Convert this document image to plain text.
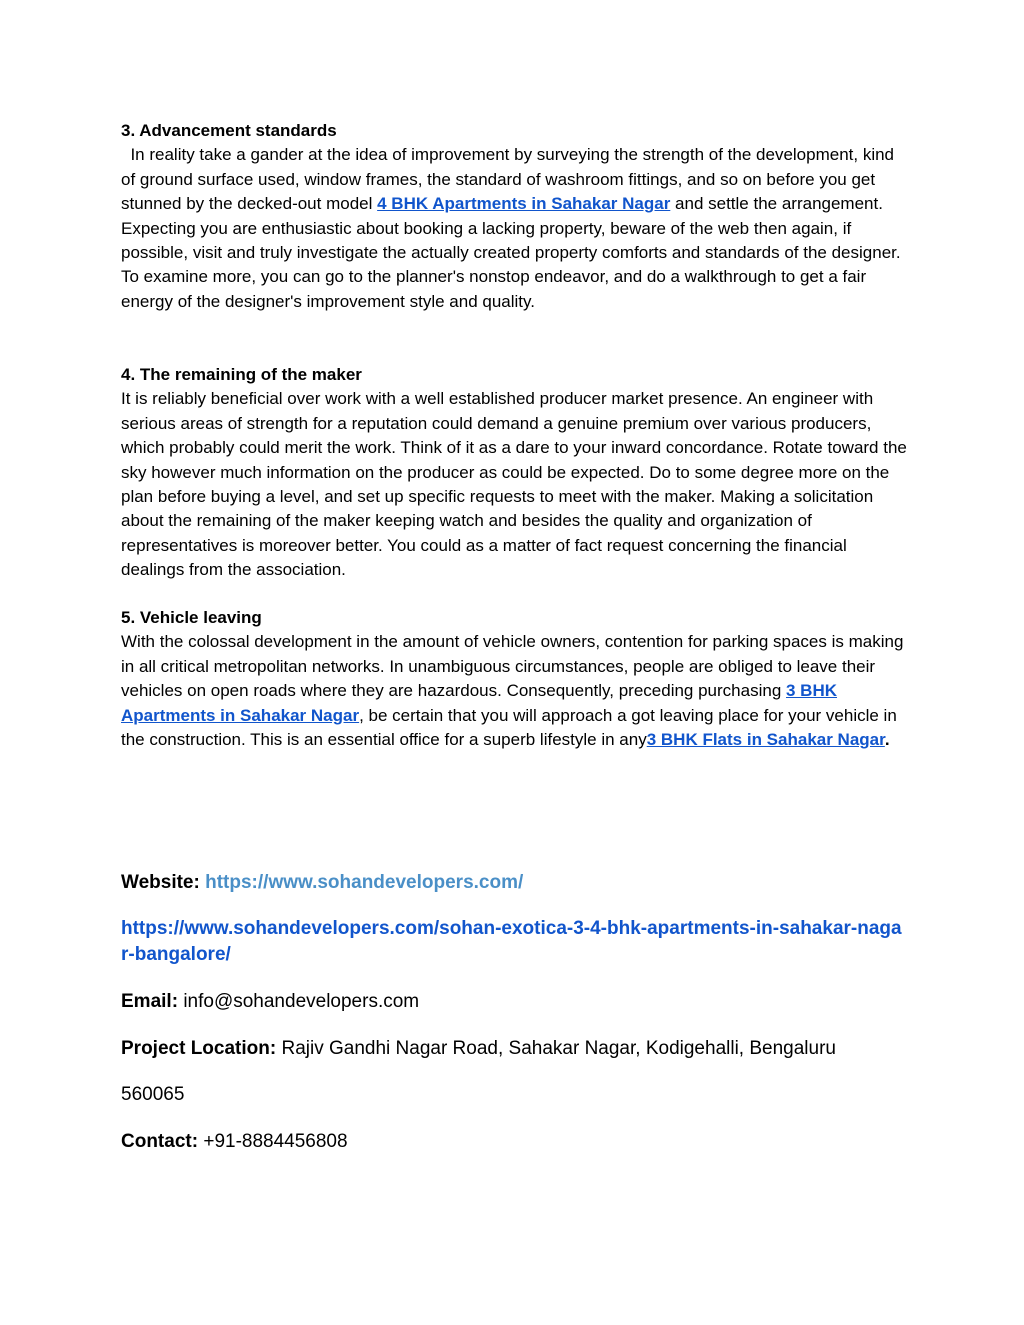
3. Advancement standards
In reality take a gander at the idea of improvement by surveying the strength of the development, kind of ground surface used, window frames, the standard of washroom fittings, and so on before you get stunned by the decked-out model 4 BHK Apartments in Sahakar Nagar and settle the arrangement. Expecting you are enthusiastic about booking a lacking property, beware of the web then again, if possible, visit and truly investigate the actually created property comforts and standards of the designer. To examine more, you can go to the planner's nonstop endeavor, and do a walkthrough to get a fair energy of the designer's improvement style and quality.
4. The remaining of the maker
It is reliably beneficial over work with a well established producer market presence. An engineer with serious areas of strength for a reputation could demand a genuine premium over various producers, which probably could merit the work. Think of it as a dare to your inward concordance. Rotate toward the sky however much information on the producer as could be expected. Do to some degree more on the plan before buying a level, and set up specific requests to meet with the maker. Making a solicitation about the remaining of the maker keeping watch and besides the quality and organization of representatives is moreover better. You could as a matter of fact request concerning the financial dealings from the association.
5. Vehicle leaving
With the colossal development in the amount of vehicle owners, contention for parking spaces is making in all critical metropolitan networks. In unambiguous circumstances, people are obliged to leave their vehicles on open roads where they are hazardous. Consequently, preceding purchasing 3 BHK Apartments in Sahakar Nagar, be certain that you will approach a got leaving place for your vehicle in the construction. This is an essential office for a superb lifestyle in any3 BHK Flats in Sahakar Nagar.
Website: https://www.sohandevelopers.com/
https://www.sohandevelopers.com/sohan-exotica-3-4-bhk-apartments-in-sahakar-nagar-bangalore/
Email: info@sohandevelopers.com
Project Location: Rajiv Gandhi Nagar Road, Sahakar Nagar, Kodigehalli, Bengaluru
560065
Contact: +91-8884456808
